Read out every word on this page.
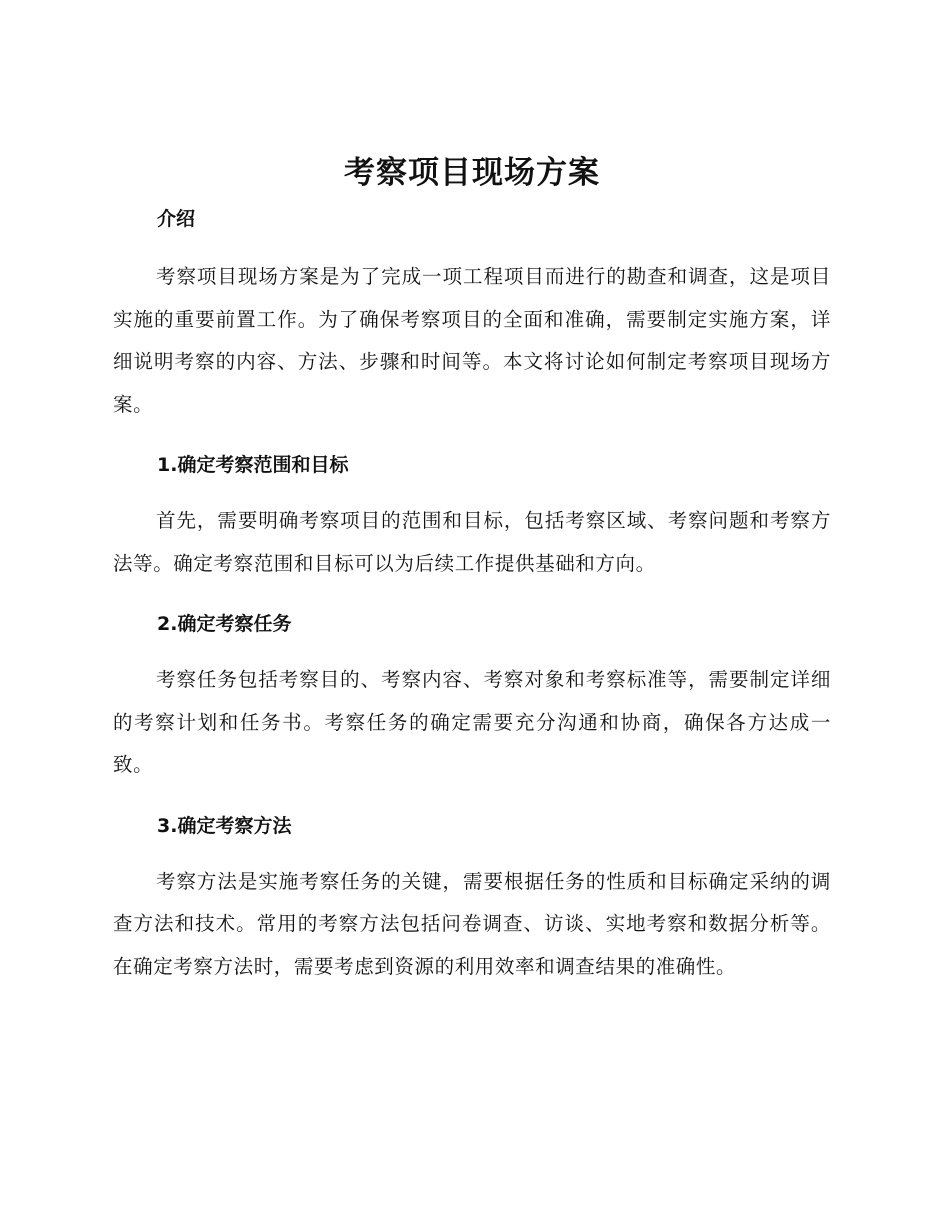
考察项目现场方案
介绍

考察项目现场方案是为了完成一项工程项目而进行的勘查和调查，这是项目实施的重要前置工作。为了确保考察项目的全面和准确，需要制定实施方案，详细说明考察的内容、方法、步骤和时间等。本文将讨论如何制定考察项目现场方案。

1.确定考察范围和目标

首先，需要明确考察项目的范围和目标，包括考察区域、考察问题和考察方法等。确定考察范围和目标可以为后续工作提供基础和方向。

2.确定考察任务

考察任务包括考察目的、考察内容、考察对象和考察标准等，需要制定详细的考察计划和任务书。考察任务的确定需要充分沟通和协商，确保各方达成一致。

3.确定考察方法

考察方法是实施考察任务的关键，需要根据任务的性质和目标确定采纳的调查方法和技术。常用的考察方法包括问卷调查、访谈、实地考察和数据分析等。在确定考察方法时，需要考虑到资源的利用效率和调查结果的准确性。
